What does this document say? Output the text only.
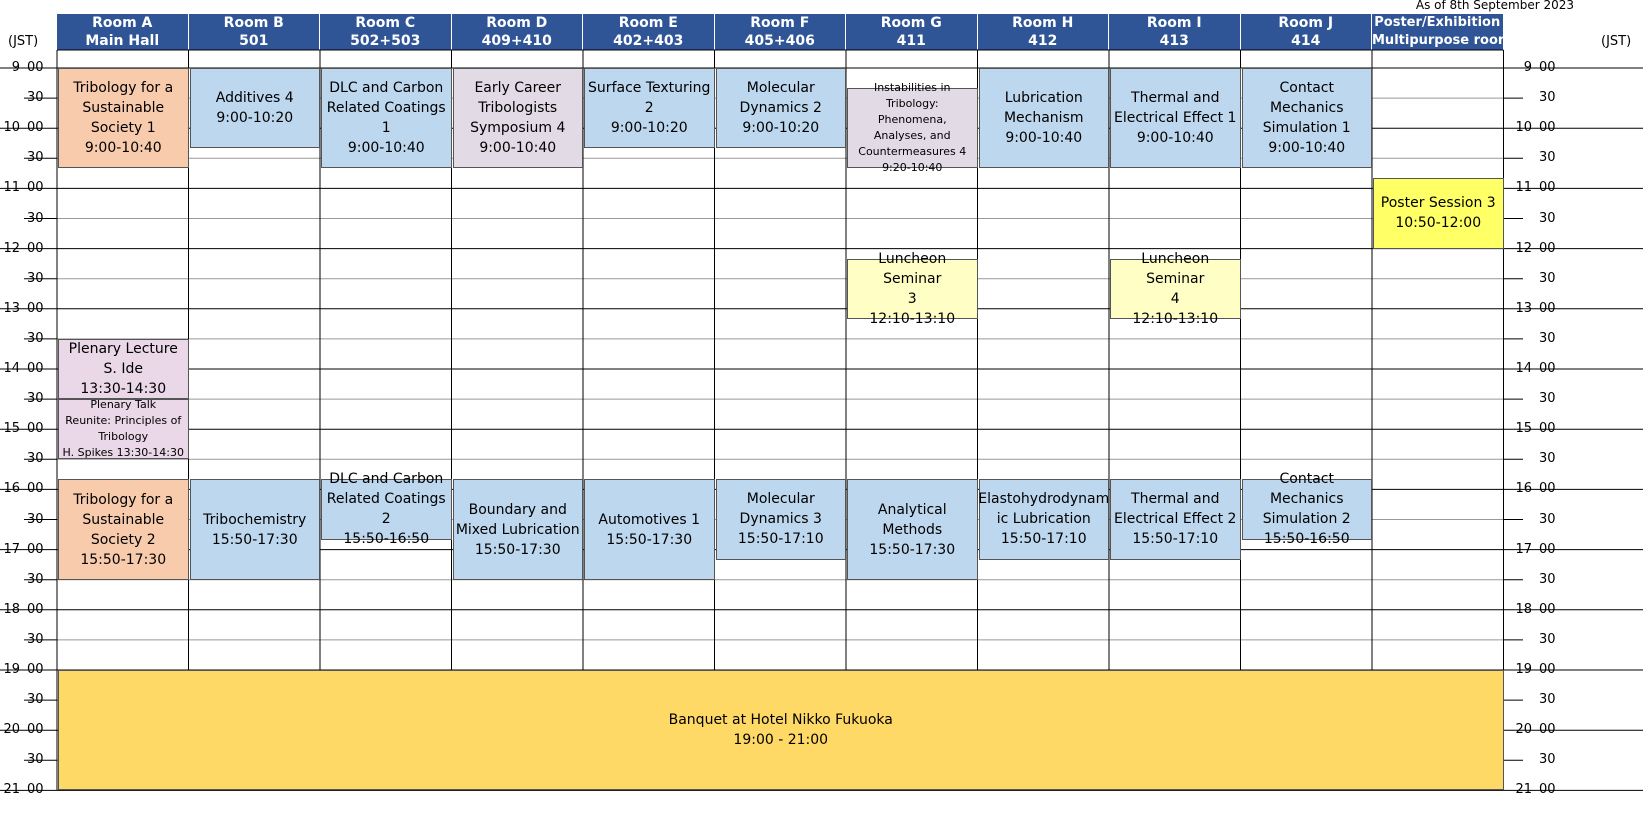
As of 8th September 2023
(JST)	(JST)
Room A
Main Hall
Room B
501
Room C
502+503
Room D
409+410
Room E
402+403
Room F
405+406
Room G
411
Room H
412
Room I
413
Room J
414
Poster/Exhibition
Multipurpose room
9 00
30
10 00
30
11 00
30
12 00
30
13 00
30
14 00
30
15 00
30
16 00
30
17 00
30
18 00
30
19 00
30
20 00
30
21 00
9 00
30
10 00
30
11 00
30
12 00
30
13 00
30
14 00
30
15 00
30
16 00
30
17 00
30
18 00
30
19 00
30
20 00
30
21 00
Tribology for a
Sustainable
Society 1
9:00-10:40
Additives 4
9:00-10:20
DLC and Carbon
Related Coatings 1
9:00-10:40
Early Career
Tribologists
Symposium 4
9:00-10:40
Surface Texturing
2
9:00-10:20
Molecular
Dynamics 2
9:00-10:20
Instabilities in
Tribology: Phenomena,
Analyses, and
Countermeasures 4
9:20-10:40
Lubrication
Mechanism
9:00-10:40
Thermal and
Electrical Effect 1
9:00-10:40
Contact Mechanics
Simulation 1
9:00-10:40
Poster Session 3
10:50-12:00
Luncheon Seminar
3
12:10-13:10
Luncheon Seminar
4
12:10-13:10
Plenary Lecture
S. Ide
13:30-14:30
Plenary Talk
Reunite: Principles of
Tribology
H. Spikes 13:30-14:30
Tribology for a
Sustainable
Society 2
15:50-17:30
Tribochemistry
15:50-17:30
DLC and Carbon
Related Coatings 2
15:50-16:50
Boundary and
Mixed Lubrication
15:50-17:30
Automotives 1
15:50-17:30
Molecular
Dynamics 3
15:50-17:10
Analytical Methods
15:50-17:30
Elastohydrodynam
ic Lubrication
15:50-17:10
Thermal and
Electrical Effect 2
15:50-17:10
Contact Mechanics
Simulation 2
15:50-16:50
Banquet at Hotel Nikko Fukuoka
19:00 - 21:00
